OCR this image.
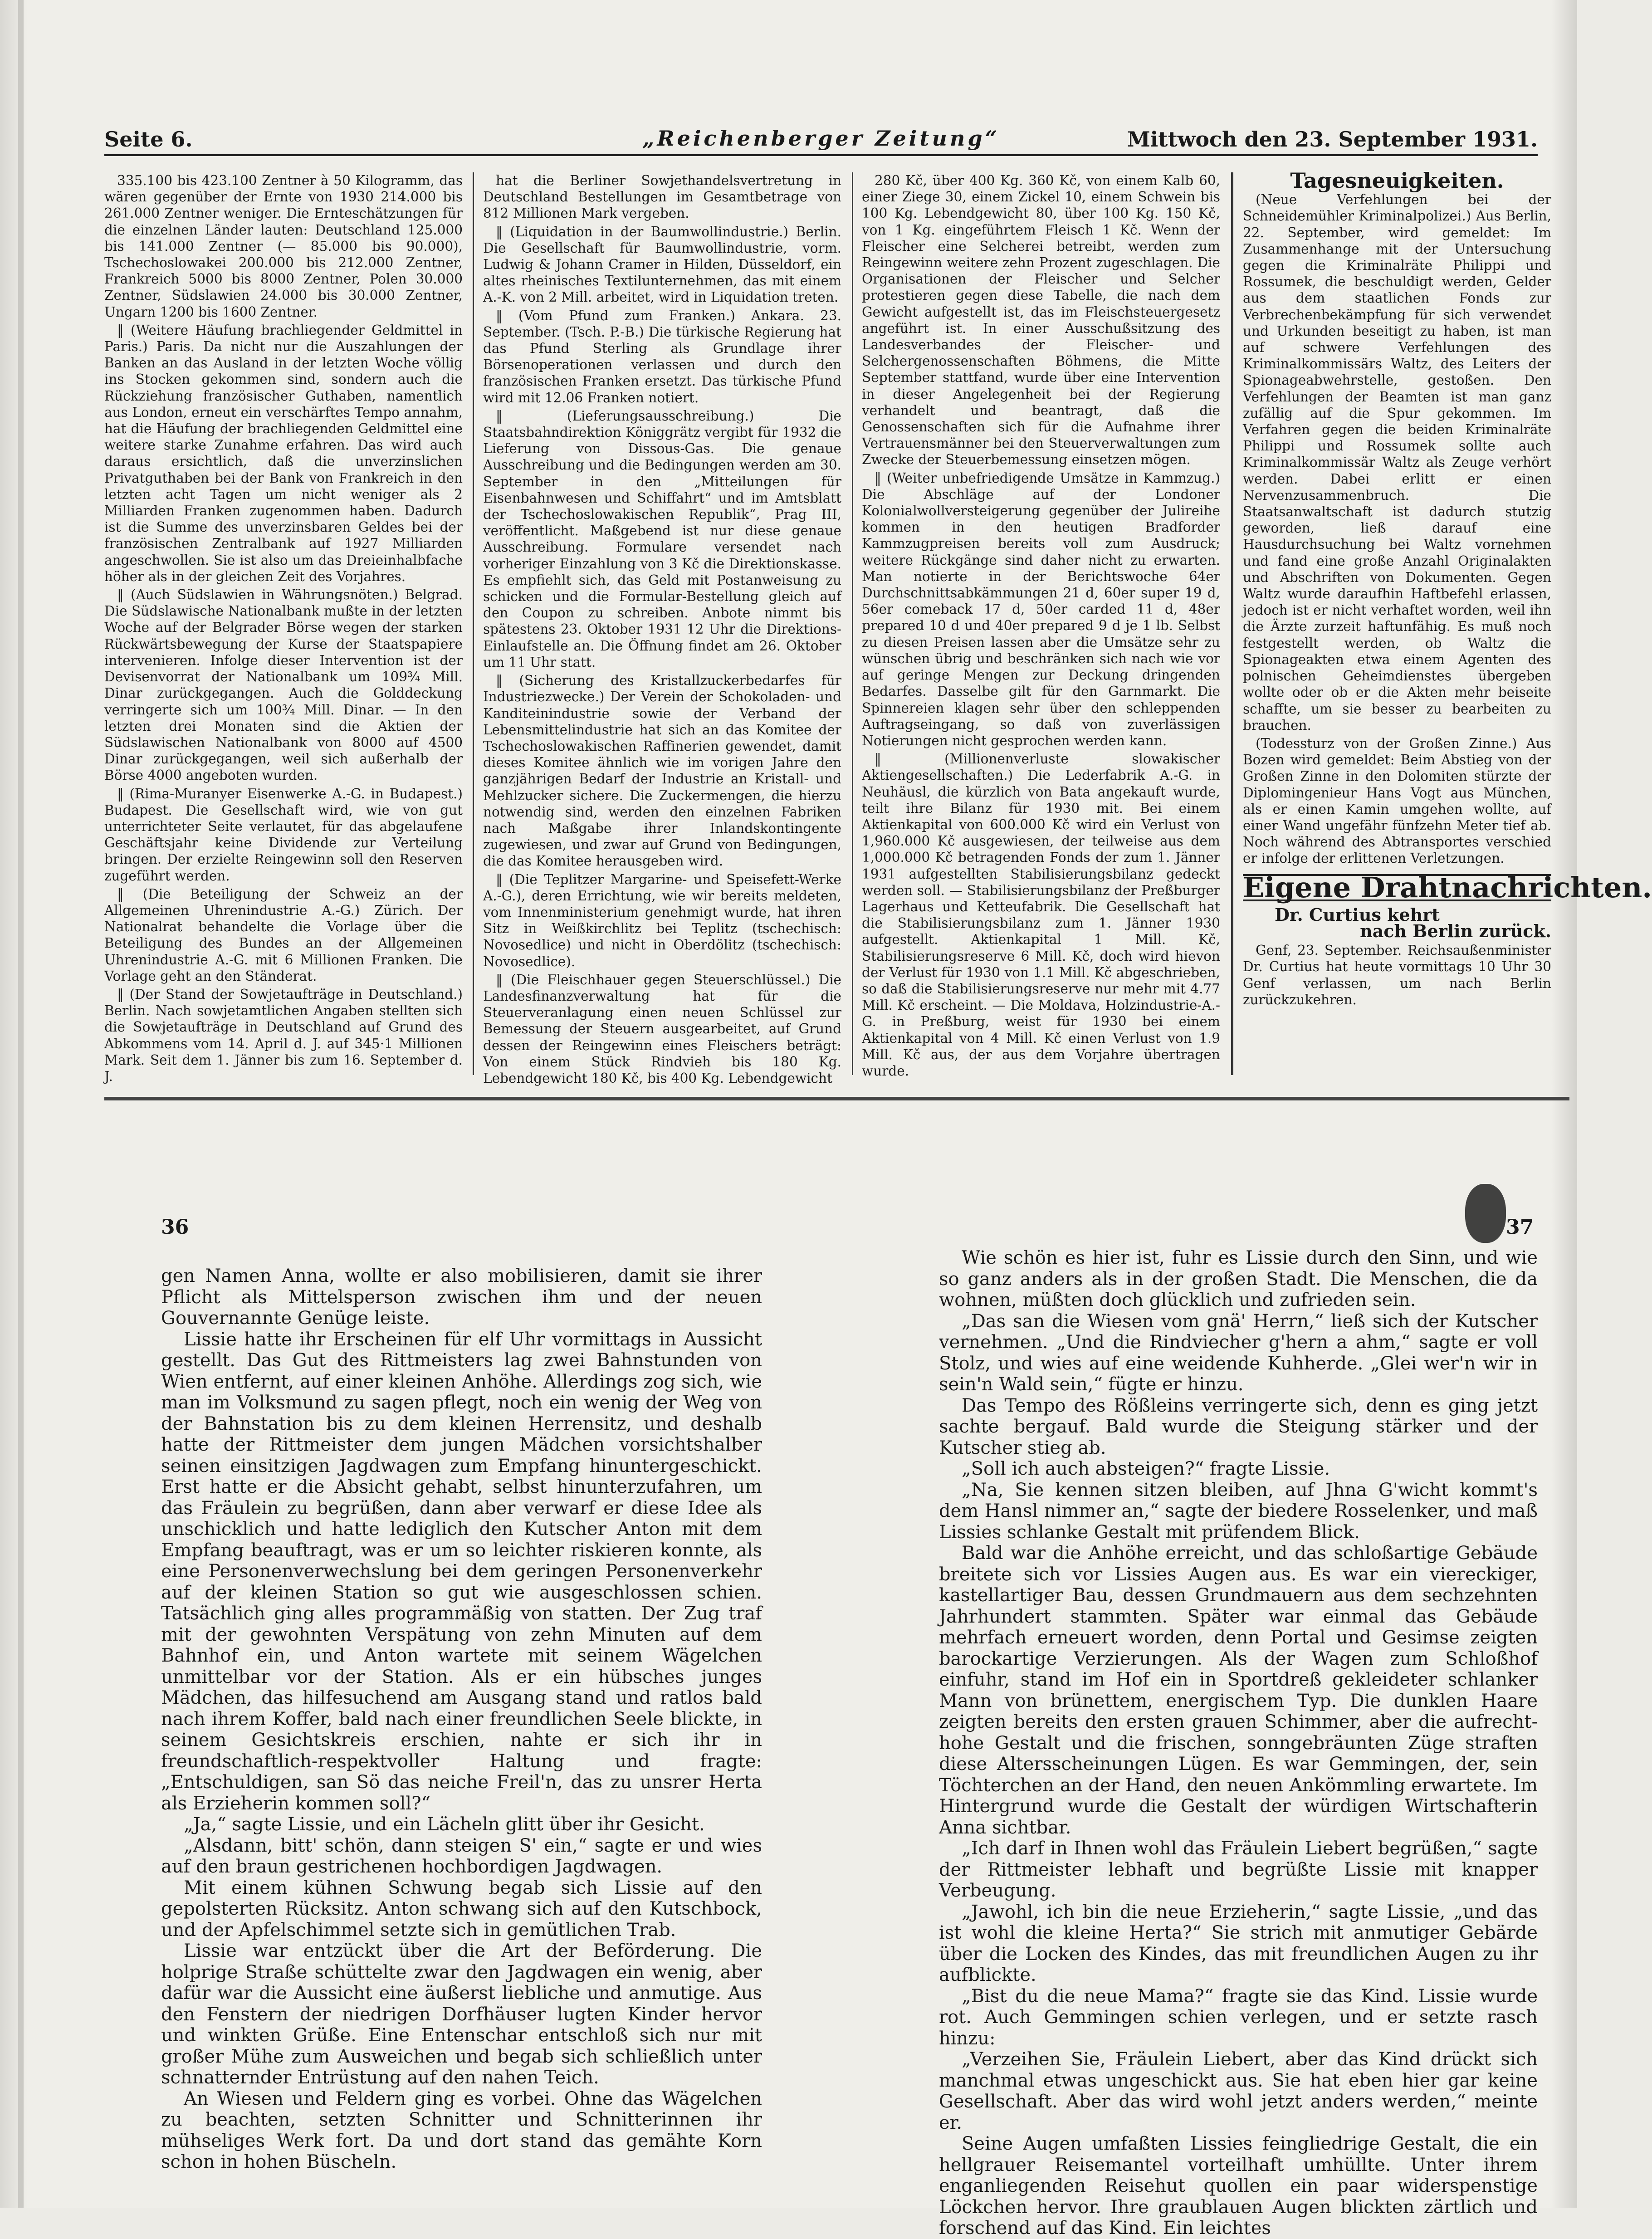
Seite 6.	„Reichenberger Zeitung“	Mittwoch den 23. September 1931.

335.100 bis 423.100 Zentner à 50 Kilogramm, das wären gegenüber der Ernte von 1930 214.000 bis 261.000 Zentner weniger. Die Ernteschätzungen für die einzelnen Länder lauten: Deutschland 125.000 bis 141.000 Zentner (— 85.000 bis 90.000), Tschechoslowakei 200.000 bis 212.000 Zentner, Frankreich 5000 bis 8000 Zentner, Polen 30.000 Zentner, Südslawien 24.000 bis 30.000 Zentner, Ungarn 1200 bis 1600 Zentner.

‖ (Weitere Häufung brachliegender Geldmittel in Paris.) Paris. Da nicht nur die Auszahlungen der Banken an das Ausland in der letzten Woche völlig ins Stocken gekommen sind, sondern auch die Rückziehung französischer Guthaben, namentlich aus London, erneut ein verschärftes Tempo annahm, hat die Häufung der brachliegenden Geldmittel eine weitere starke Zunahme erfahren. Das wird auch daraus ersichtlich, daß die unverzinslichen Privatguthaben bei der Bank von Frankreich in den letzten acht Tagen um nicht weniger als 2 Milliarden Franken zugenommen haben. Dadurch ist die Summe des unverzinsbaren Geldes bei der französischen Zentralbank auf 1927 Milliarden angeschwollen. Sie ist also um das Dreieinhalbfache höher als in der gleichen Zeit des Vorjahres.

‖ (Auch Südslawien in Währungsnöten.) Belgrad. Die Südslawische Nationalbank mußte in der letzten Woche auf der Belgrader Börse wegen der starken Rückwärtsbewegung der Kurse der Staatspapiere intervenieren. Infolge dieser Intervention ist der Devisenvorrat der Nationalbank um 109¾ Mill. Dinar zurückgegangen. Auch die Golddeckung verringerte sich um 100¾ Mill. Dinar. — In den letzten drei Monaten sind die Aktien der Südslawischen Nationalbank von 8000 auf 4500 Dinar zurückgegangen, weil sich außerhalb der Börse 4000 angeboten wurden.

‖ (Rima-Muranyer Eisenwerke A.-G. in Budapest.) Budapest. Die Gesellschaft wird, wie von gut unterrichteter Seite verlautet, für das abgelaufene Geschäftsjahr keine Dividende zur Verteilung bringen. Der erzielte Reingewinn soll den Reserven zugeführt werden.

‖ (Die Beteiligung der Schweiz an der Allgemeinen Uhrenindustrie A.-G.) Zürich. Der Nationalrat behandelte die Vorlage über die Beteiligung des Bundes an der Allgemeinen Uhrenindustrie A.-G. mit 6 Millionen Franken. Die Vorlage geht an den Ständerat.

‖ (Der Stand der Sowjetaufträge in Deutschland.) Berlin. Nach sowjetamtlichen Angaben stellten sich die Sowjetaufträge in Deutschland auf Grund des Abkommens vom 14. April d. J. auf 345·1 Millionen Mark. Seit dem 1. Jänner bis zum 16. September d. J.

hat die Berliner Sowjethandelsvertretung in Deutschland Bestellungen im Gesamtbetrage von 812 Millionen Mark vergeben.

‖ (Liquidation in der Baumwollindustrie.) Berlin. Die Gesellschaft für Baumwollindustrie, vorm. Ludwig & Johann Cramer in Hilden, Düsseldorf, ein altes rheinisches Textilunternehmen, das mit einem A.-K. von 2 Mill. arbeitet, wird in Liquidation treten.

‖ (Vom Pfund zum Franken.) Ankara. 23. September. (Tsch. P.-B.) Die türkische Regierung hat das Pfund Sterling als Grundlage ihrer Börsenoperationen verlassen und durch den französischen Franken ersetzt. Das türkische Pfund wird mit 12.06 Franken notiert.

‖ (Lieferungsausschreibung.) Die Staatsbahndirektion Königgrätz vergibt für 1932 die Lieferung von Dissous-Gas. Die genaue Ausschreibung und die Bedingungen werden am 30. September in den „Mitteilungen für Eisenbahnwesen und Schiffahrt“ und im Amtsblatt der Tschechoslowakischen Republik“, Prag III, veröffentlicht. Maßgebend ist nur diese genaue Ausschreibung. Formulare versendet nach vorheriger Einzahlung von 3 Kč die Direktionskasse. Es empfiehlt sich, das Geld mit Postanweisung zu schicken und die Formular-Bestellung gleich auf den Coupon zu schreiben. Anbote nimmt bis spätestens 23. Oktober 1931 12 Uhr die Direktions-Einlaufstelle an. Die Öffnung findet am 26. Oktober um 11 Uhr statt.

‖ (Sicherung des Kristallzuckerbedarfes für Industriezwecke.) Der Verein der Schokoladen- und Kanditeinindustrie sowie der Verband der Lebensmittelindustrie hat sich an das Komitee der Tschechoslowakischen Raffinerien gewendet, damit dieses Komitee ähnlich wie im vorigen Jahre den ganzjährigen Bedarf der Industrie an Kristall- und Mehlzucker sichere. Die Zuckermengen, die hierzu notwendig sind, werden den einzelnen Fabriken nach Maßgabe ihrer Inlandskontingente zugewiesen, und zwar auf Grund von Bedingungen, die das Komitee herausgeben wird.

‖ (Die Teplitzer Margarine- und Speisefett-Werke A.-G.), deren Errichtung, wie wir bereits meldeten, vom Innenministerium genehmigt wurde, hat ihren Sitz in Weißkirchlitz bei Teplitz (tschechisch: Novosedlice) und nicht in Oberdölitz (tschechisch: Novosedlice).

‖ (Die Fleischhauer gegen Steuerschlüssel.) Die Landesfinanzverwaltung hat für die Steuerveranlagung einen neuen Schlüssel zur Bemessung der Steuern ausgearbeitet, auf Grund dessen der Reingewinn eines Fleischers beträgt: Von einem Stück Rindvieh bis 180 Kg. Lebendgewicht 180 Kč, bis 400 Kg. Lebendgewicht

280 Kč, über 400 Kg. 360 Kč, von einem Kalb 60, einer Ziege 30, einem Zickel 10, einem Schwein bis 100 Kg. Lebendgewicht 80, über 100 Kg. 150 Kč, von 1 Kg. eingeführtem Fleisch 1 Kč. Wenn der Fleischer eine Selcherei betreibt, werden zum Reingewinn weitere zehn Prozent zugeschlagen. Die Organisationen der Fleischer und Selcher protestieren gegen diese Tabelle, die nach dem Gewicht aufgestellt ist, das im Fleischsteuergesetz angeführt ist. In einer Ausschußsitzung des Landesverbandes der Fleischer- und Selchergenossenschaften Böhmens, die Mitte September stattfand, wurde über eine Intervention in dieser Angelegenheit bei der Regierung verhandelt und beantragt, daß die Genossenschaften sich für die Aufnahme ihrer Vertrauensmänner bei den Steuerverwaltungen zum Zwecke der Steuerbemessung einsetzen mögen.

‖ (Weiter unbefriedigende Umsätze in Kammzug.) Die Abschläge auf der Londoner Kolonialwollversteigerung gegenüber der Julireihe kommen in den heutigen Bradforder Kammzugpreisen bereits voll zum Ausdruck; weitere Rückgänge sind daher nicht zu erwarten. Man notierte in der Berichtswoche 64er Durchschnittsabkämmungen 21 d, 60er super 19 d, 56er comeback 17 d, 50er carded 11 d, 48er prepared 10 d und 40er prepared 9 d je 1 lb. Selbst zu diesen Preisen lassen aber die Umsätze sehr zu wünschen übrig und beschränken sich nach wie vor auf geringe Mengen zur Deckung dringenden Bedarfes. Dasselbe gilt für den Garnmarkt. Die Spinnereien klagen sehr über den schleppenden Auftragseingang, so daß von zuverlässigen Notierungen nicht gesprochen werden kann.

‖ (Millionenverluste slowakischer Aktiengesellschaften.) Die Lederfabrik A.-G. in Neuhäusl, die kürzlich von Bata angekauft wurde, teilt ihre Bilanz für 1930 mit. Bei einem Aktienkapital von 600.000 Kč wird ein Verlust von 1,960.000 Kč ausgewiesen, der teilweise aus dem 1,000.000 Kč betragenden Fonds der zum 1. Jänner 1931 aufgestellten Stabilisierungsbilanz gedeckt werden soll. — Stabilisierungsbilanz der Preßburger Lagerhaus und Ketteufabrik. Die Gesellschaft hat die Stabilisierungsbilanz zum 1. Jänner 1930 aufgestellt. Aktienkapital 1 Mill. Kč, Stabilisierungsreserve 6 Mill. Kč, doch wird hievon der Verlust für 1930 von 1.1 Mill. Kč abgeschrieben, so daß die Stabilisierungsreserve nur mehr mit 4.77 Mill. Kč erscheint. — Die Moldava, Holzindustrie-A.-G. in Preßburg, weist für 1930 bei einem Aktienkapital von 4 Mill. Kč einen Verlust von 1.9 Mill. Kč aus, der aus dem Vorjahre übertragen wurde.

Tagesneuigkeiten.

(Neue Verfehlungen bei der Schneidemühler Kriminalpolizei.) Aus Berlin, 22. September, wird gemeldet: Im Zusammenhange mit der Untersuchung gegen die Kriminalräte Philippi und Rossumek, die beschuldigt werden, Gelder aus dem staatlichen Fonds zur Verbrechenbekämpfung für sich verwendet und Urkunden beseitigt zu haben, ist man auf schwere Verfehlungen des Kriminalkommissärs Waltz, des Leiters der Spionageabwehrstelle, gestoßen. Den Verfehlungen der Beamten ist man ganz zufällig auf die Spur gekommen. Im Verfahren gegen die beiden Kriminalräte Philippi und Rossumek sollte auch Kriminalkommissär Waltz als Zeuge verhört werden. Dabei erlitt er einen Nervenzusammenbruch. Die Staatsanwaltschaft ist dadurch stutzig geworden, ließ darauf eine Hausdurchsuchung bei Waltz vornehmen und fand eine große Anzahl Originalakten und Abschriften von Dokumenten. Gegen Waltz wurde daraufhin Haftbefehl erlassen, jedoch ist er nicht verhaftet worden, weil ihn die Ärzte zurzeit haftunfähig. Es muß noch festgestellt werden, ob Waltz die Spionageakten etwa einem Agenten des polnischen Geheimdienstes übergeben wollte oder ob er die Akten mehr beiseite schaffte, um sie besser zu bearbeiten zu brauchen.

(Todessturz von der Großen Zinne.) Aus Bozen wird gemeldet: Beim Abstieg von der Großen Zinne in den Dolomiten stürzte der Diplomingenieur Hans Vogt aus München, als er einen Kamin umgehen wollte, auf einer Wand ungefähr fünfzehn Meter tief ab. Noch während des Abtransportes verschied er infolge der erlittenen Verletzungen.

Eigene Drahtnachrichten.
Dr. Curtius kehrt
nach Berlin zurück.

Genf, 23. September. Reichsaußenminister Dr. Curtius hat heute vormittags 10 Uhr 30 Genf verlassen, um nach Berlin zurückzukehren.

36	37

gen Namen Anna, wollte er also mobilisieren, damit sie ihrer Pflicht als Mittelsperson zwischen ihm und der neuen Gouvernannte Genüge leiste.

Lissie hatte ihr Erscheinen für elf Uhr vormittags in Aussicht gestellt. Das Gut des Rittmeisters lag zwei Bahnstunden von Wien entfernt, auf einer kleinen Anhöhe. Allerdings zog sich, wie man im Volksmund zu sagen pflegt, noch ein wenig der Weg von der Bahnstation bis zu dem kleinen Herrensitz, und deshalb hatte der Rittmeister dem jungen Mädchen vorsichtshalber seinen einsitzigen Jagdwagen zum Empfang hinuntergeschickt. Erst hatte er die Absicht gehabt, selbst hinunterzufahren, um das Fräulein zu begrüßen, dann aber verwarf er diese Idee als unschicklich und hatte lediglich den Kutscher Anton mit dem Empfang beauftragt, was er um so leichter riskieren konnte, als eine Personenverwechslung bei dem geringen Personenverkehr auf der kleinen Station so gut wie ausgeschlossen schien. Tatsächlich ging alles programmäßig von statten. Der Zug traf mit der gewohnten Verspätung von zehn Minuten auf dem Bahnhof ein, und Anton wartete mit seinem Wägelchen unmittelbar vor der Station. Als er ein hübsches junges Mädchen, das hilfesuchend am Ausgang stand und ratlos bald nach ihrem Koffer, bald nach einer freundlichen Seele blickte, in seinem Gesichtskreis erschien, nahte er sich ihr in freundschaftlich-respektvoller Haltung und fragte: „Entschuldigen, san Sö das neiche Freil'n, das zu unsrer Herta als Erzieherin kommen soll?“

„Ja,“ sagte Lissie, und ein Lächeln glitt über ihr Gesicht.

„Alsdann, bitt' schön, dann steigen S' ein,“ sagte er und wies auf den braun gestrichenen hochbordigen Jagdwagen.

Mit einem kühnen Schwung begab sich Lissie auf den gepolsterten Rücksitz. Anton schwang sich auf den Kutschbock, und der Apfelschimmel setzte sich in gemütlichen Trab.

Lissie war entzückt über die Art der Beförderung. Die holprige Straße schüttelte zwar den Jagdwagen ein wenig, aber dafür war die Aussicht eine äußerst liebliche und anmutige. Aus den Fenstern der niedrigen Dorfhäuser lugten Kinder hervor und winkten Grüße. Eine Entenschar entschloß sich nur mit großer Mühe zum Ausweichen und begab sich schließlich unter schnatternder Entrüstung auf den nahen Teich.

An Wiesen und Feldern ging es vorbei. Ohne das Wägelchen zu beachten, setzten Schnitter und Schnitterinnen ihr mühseliges Werk fort. Da und dort stand das gemähte Korn schon in hohen Büscheln.

Wie schön es hier ist, fuhr es Lissie durch den Sinn, und wie so ganz anders als in der großen Stadt. Die Menschen, die da wohnen, müßten doch glücklich und zufrieden sein.

„Das san die Wiesen vom gnä' Herrn,“ ließ sich der Kutscher vernehmen. „Und die Rindviecher g'hern a ahm,“ sagte er voll Stolz, und wies auf eine weidende Kuhherde. „Glei wer'n wir in sein'n Wald sein,“ fügte er hinzu.

Das Tempo des Rößleins verringerte sich, denn es ging jetzt sachte bergauf. Bald wurde die Steigung stärker und der Kutscher stieg ab.

„Soll ich auch absteigen?“ fragte Lissie.

„Na, Sie kennen sitzen bleiben, auf Jhna G'wicht kommt's dem Hansl nimmer an,“ sagte der biedere Rosselenker, und maß Lissies schlanke Gestalt mit prüfendem Blick.

Bald war die Anhöhe erreicht, und das schloßartige Gebäude breitete sich vor Lissies Augen aus. Es war ein viereckiger, kastellartiger Bau, dessen Grundmauern aus dem sechzehnten Jahrhundert stammten. Später war einmal das Gebäude mehrfach erneuert worden, denn Portal und Gesimse zeigten barockartige Verzierungen. Als der Wagen zum Schloßhof einfuhr, stand im Hof ein in Sportdreß gekleideter schlanker Mann von brünettem, energischem Typ. Die dunklen Haare zeigten bereits den ersten grauen Schimmer, aber die aufrecht-hohe Gestalt und die frischen, sonngebräunten Züge straften diese Altersscheinungen Lügen. Es war Gemmingen, der, sein Töchterchen an der Hand, den neuen Ankömmling erwartete. Im Hintergrund wurde die Gestalt der würdigen Wirtschafterin Anna sichtbar.

„Ich darf in Ihnen wohl das Fräulein Liebert begrüßen,“ sagte der Rittmeister lebhaft und begrüßte Lissie mit knapper Verbeugung.

„Jawohl, ich bin die neue Erzieherin,“ sagte Lissie, „und das ist wohl die kleine Herta?“ Sie strich mit anmutiger Gebärde über die Locken des Kindes, das mit freundlichen Augen zu ihr aufblickte.

„Bist du die neue Mama?“ fragte sie das Kind. Lissie wurde rot. Auch Gemmingen schien verlegen, und er setzte rasch hinzu:

„Verzeihen Sie, Fräulein Liebert, aber das Kind drückt sich manchmal etwas ungeschickt aus. Sie hat eben hier gar keine Gesellschaft. Aber das wird wohl jetzt anders werden,“ meinte er.

Seine Augen umfaßten Lissies feingliedrige Gestalt, die ein hellgrauer Reisemantel vorteilhaft umhüllte. Unter ihrem enganliegenden Reisehut quollen ein paar widerspenstige Löckchen hervor. Ihre graublauen Augen blickten zärtlich und forschend auf das Kind. Ein leichtes
